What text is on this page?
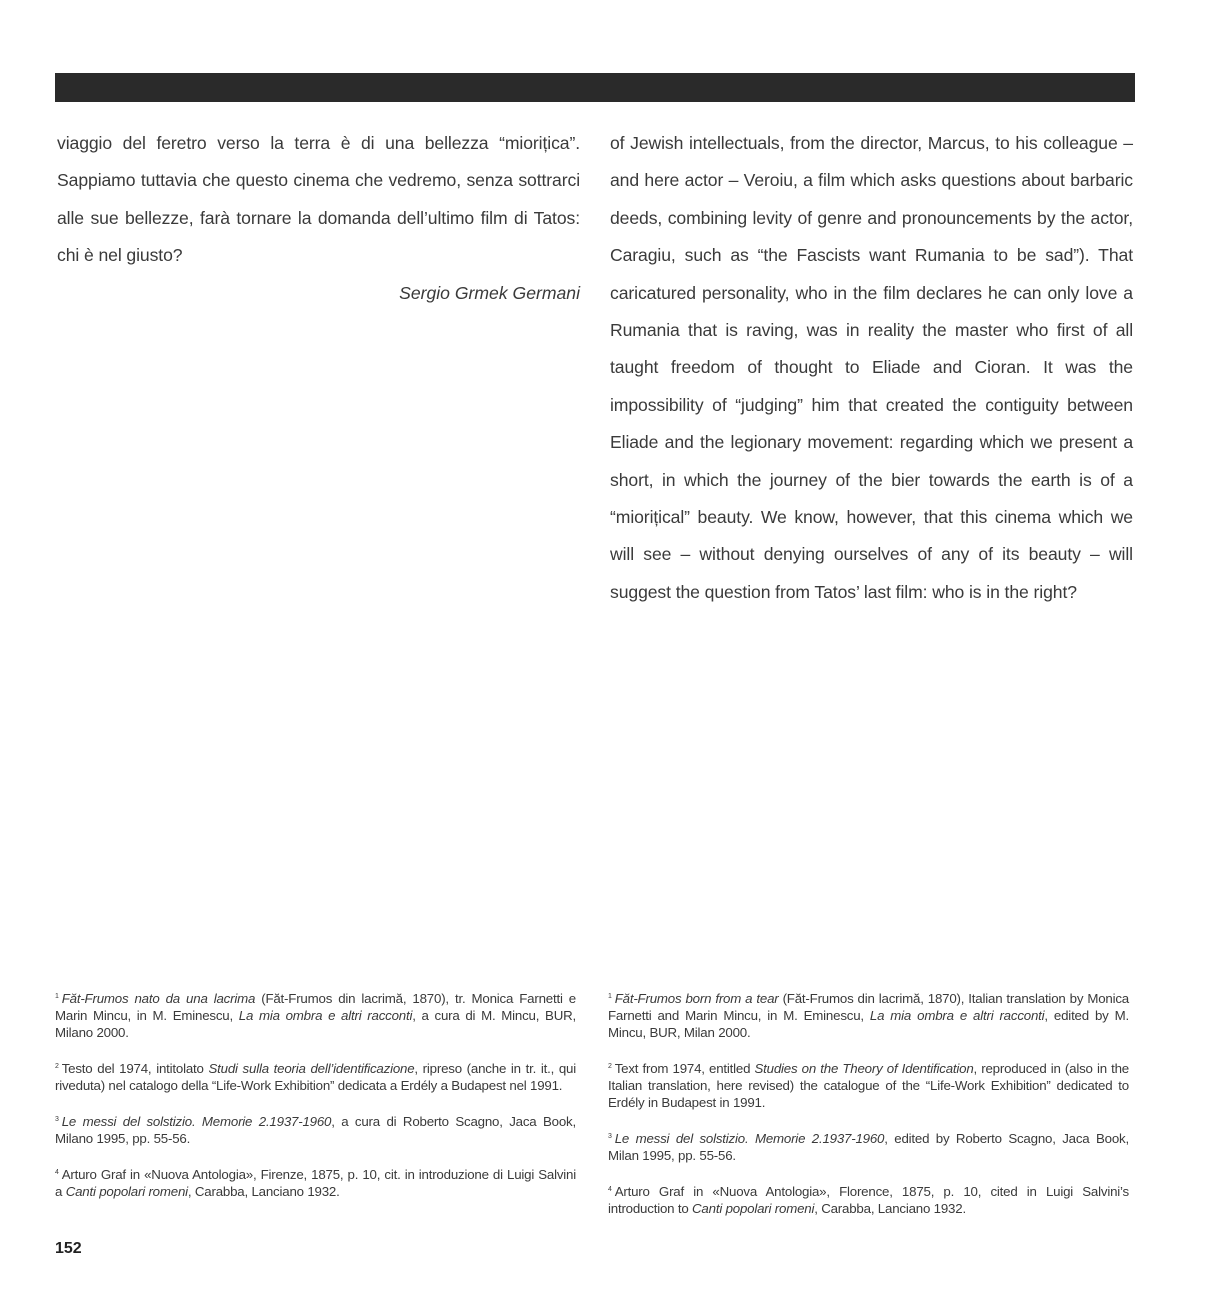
viaggio del feretro verso la terra è di una bellezza “miorițica”. Sappiamo tuttavia che questo cinema che vedremo, senza sottrarci alle sue bellezze, farà tornare la domanda dell’ultimo film di Tatos: chi è nel giusto?

Sergio Grmek Germani

of Jewish intellectuals, from the director, Marcus, to his colleague – and here actor – Veroiu, a film which asks questions about barbaric deeds, combining levity of genre and pronouncements by the actor, Caragiu, such as “the Fascists want Rumania to be sad”). That caricatured personality, who in the film declares he can only love a Rumania that is raving, was in reality the master who first of all taught freedom of thought to Eliade and Cioran. It was the impossibility of “judging” him that created the contiguity between Eliade and the legionary movement: regarding which we present a short, in which the journey of the bier towards the earth is of a “miorițical” beauty. We know, however, that this cinema which we will see – without denying ourselves of any of its beauty – will suggest the question from Tatos’ last film: who is in the right?

$^1$ Făt-Frumos nato da una lacrima (Făt-Frumos din lacrimă, 1870), tr. Monica Farnetti e Marin Mincu, in M. Eminescu, La mia ombra e altri racconti, a cura di M. Mincu, BUR, Milano 2000.

$^2$ Testo del 1974, intitolato Studi sulla teoria dell’identificazione, ripreso (anche in tr. it., qui riveduta) nel catalogo della “Life-Work Exhibition” dedicata a Erdély a Budapest nel 1991.

$^3$ Le messi del solstizio. Memorie 2.1937-1960, a cura di Roberto Scagno, Jaca Book, Milano 1995, pp. 55-56.

$^4$ Arturo Graf in «Nuova Antologia», Firenze, 1875, p. 10, cit. in introduzione di Luigi Salvini a Canti popolari romeni, Carabba, Lanciano 1932.

$^1$ Făt-Frumos born from a tear (Făt-Frumos din lacrimă, 1870), Italian translation by Monica Farnetti and Marin Mincu, in M. Eminescu, La mia ombra e altri racconti, edited by M. Mincu, BUR, Milan 2000.

$^2$ Text from 1974, entitled Studies on the Theory of Identification, reproduced in (also in the Italian translation, here revised) the catalogue of the “Life-Work Exhibition” dedicated to Erdély in Budapest in 1991.

$^3$ Le messi del solstizio. Memorie 2.1937-1960, edited by Roberto Scagno, Jaca Book, Milan 1995, pp. 55-56.

$^4$ Arturo Graf in «Nuova Antologia», Florence, 1875, p. 10, cited in Luigi Salvini’s introduction to Canti popolari romeni, Carabba, Lanciano 1932.

152
